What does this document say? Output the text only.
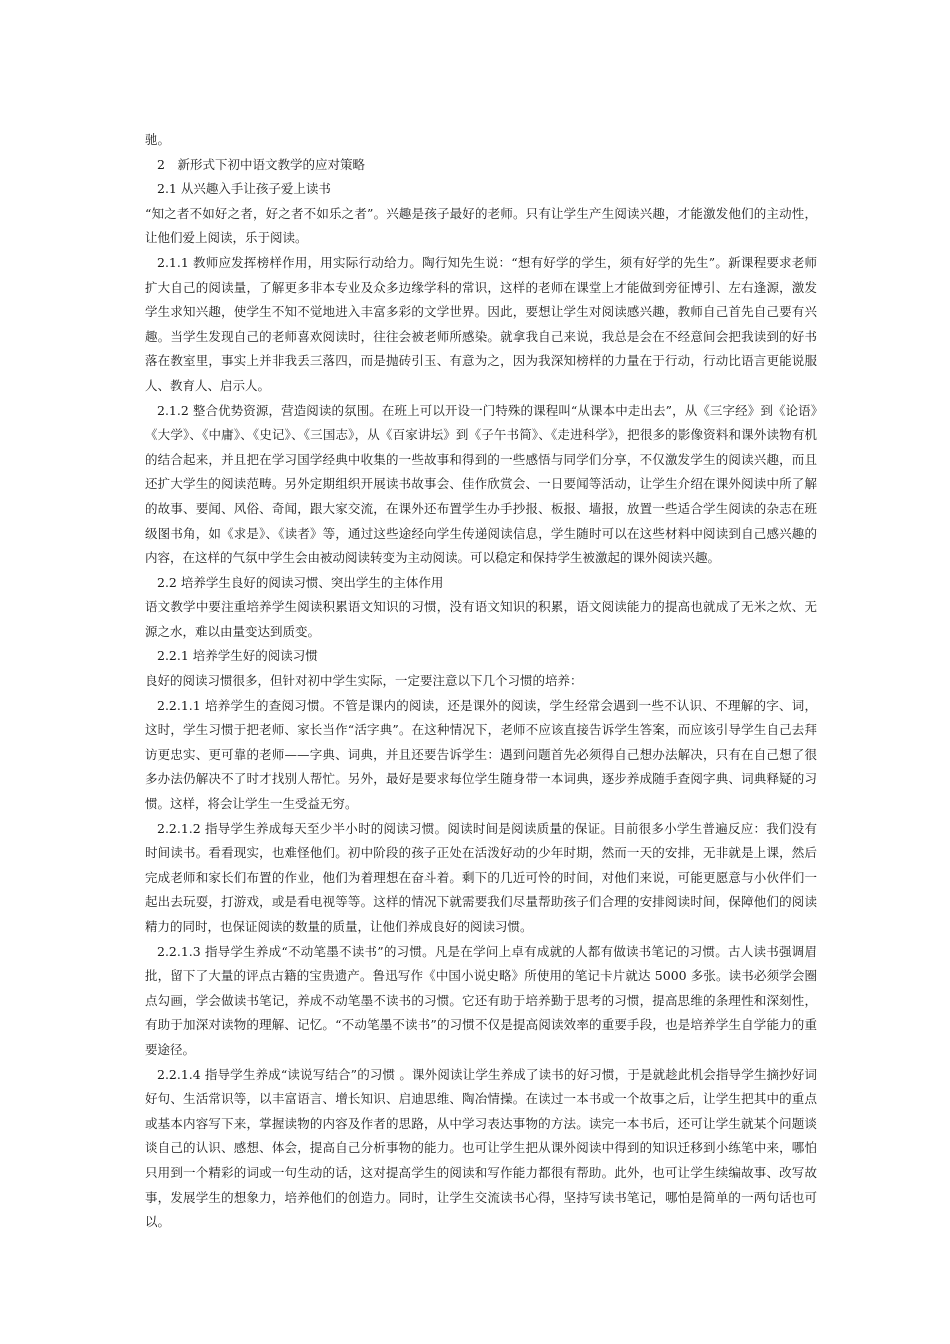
驰。

2　新形式下初中语文教学的应对策略

2.1 从兴趣入手让孩子爱上读书

“知之者不如好之者，好之者不如乐之者”。兴趣是孩子最好的老师。只有让学生产生阅读兴趣，才能激发他们的主动性，让他们爱上阅读，乐于阅读。

2.1.1 教师应发挥榜样作用，用实际行动给力。陶行知先生说：“想有好学的学生，须有好学的先生”。新课程要求老师扩大自己的阅读量，了解更多非本专业及众多边缘学科的常识，这样的老师在课堂上才能做到旁征博引、左右逢源，激发学生求知兴趣，使学生不知不觉地进入丰富多彩的文学世界。因此，要想让学生对阅读感兴趣，教师自己首先自己要有兴趣。当学生发现自己的老师喜欢阅读时，往往会被老师所感染。就拿我自己来说，我总是会在不经意间会把我读到的好书落在教室里，事实上并非我丢三落四，而是抛砖引玉、有意为之，因为我深知榜样的力量在于行动，行动比语言更能说服人、教育人、启示人。

2.1.2 整合优势资源，营造阅读的氛围。在班上可以开设一门特殊的课程叫“从课本中走出去”，从《三字经》到《论语》《大学》、《中庸》、《史记》、《三国志》，从《百家讲坛》到《子午书简》、《走进科学》，把很多的影像资料和课外读物有机的结合起来，并且把在学习国学经典中收集的一些故事和得到的一些感悟与同学们分享，不仅激发学生的阅读兴趣，而且还扩大学生的阅读范畴。另外定期组织开展读书故事会、佳作欣赏会、一日要闻等活动，让学生介绍在课外阅读中所了解的故事、要闻、风俗、奇闻，跟大家交流，在课外还布置学生办手抄报、板报、墙报，放置一些适合学生阅读的杂志在班级图书角，如《求是》、《读者》等，通过这些途经向学生传递阅读信息，学生随时可以在这些材料中阅读到自己感兴趣的内容，在这样的气氛中学生会由被动阅读转变为主动阅读。可以稳定和保持学生被激起的课外阅读兴趣。

2.2 培养学生良好的阅读习惯、突出学生的主体作用

语文教学中要注重培养学生阅读积累语文知识的习惯，没有语文知识的积累，语文阅读能力的提高也就成了无米之炊、无源之水，难以由量变达到质变。

2.2.1 培养学生好的阅读习惯

良好的阅读习惯很多，但针对初中学生实际，一定要注意以下几个习惯的培养：

2.2.1.1 培养学生的查阅习惯。不管是课内的阅读，还是课外的阅读，学生经常会遇到一些不认识、不理解的字、词，这时，学生习惯于把老师、家长当作“活字典”。在这种情况下，老师不应该直接告诉学生答案，而应该引导学生自己去拜访更忠实、更可靠的老师——字典、词典，并且还要告诉学生：遇到问题首先必须得自己想办法解决，只有在自己想了很多办法仍解决不了时才找别人帮忙。另外，最好是要求每位学生随身带一本词典，逐步养成随手查阅字典、词典释疑的习惯。这样，将会让学生一生受益无穷。

2.2.1.2 指导学生养成每天至少半小时的阅读习惯。阅读时间是阅读质量的保证。目前很多小学生普遍反应：我们没有时间读书。看看现实，也难怪他们。初中阶段的孩子正处在活泼好动的少年时期，然而一天的安排，无非就是上课，然后完成老师和家长们布置的作业，他们为着理想在奋斗着。剩下的几近可怜的时间，对他们来说，可能更愿意与小伙伴们一起出去玩耍，打游戏，或是看电视等等。这样的情况下就需要我们尽量帮助孩子们合理的安排阅读时间，保障他们的阅读精力的同时，也保证阅读的数量的质量，让他们养成良好的阅读习惯。

2.2.1.3 指导学生养成“不动笔墨不读书”的习惯。凡是在学问上卓有成就的人都有做读书笔记的习惯。古人读书强调眉批，留下了大量的评点古籍的宝贵遗产。鲁迅写作《中国小说史略》所使用的笔记卡片就达 5000 多张。读书必须学会圈点勾画，学会做读书笔记，养成不动笔墨不读书的习惯。它还有助于培养勤于思考的习惯，提高思维的条理性和深刻性，有助于加深对读物的理解、记忆。“不动笔墨不读书”的习惯不仅是提高阅读效率的重要手段，也是培养学生自学能力的重要途径。

2.2.1.4 指导学生养成“读说写结合”的习惯 。课外阅读让学生养成了读书的好习惯，于是就趁此机会指导学生摘抄好词好句、生活常识等，以丰富语言、增长知识、启迪思维、陶冶情操。在读过一本书或一个故事之后，让学生把其中的重点或基本内容写下来，掌握读物的内容及作者的思路，从中学习表达事物的方法。读完一本书后，还可让学生就某个问题谈谈自己的认识、感想、体会，提高自己分析事物的能力。也可让学生把从课外阅读中得到的知识迁移到小练笔中来，哪怕只用到一个精彩的词或一句生动的话，这对提高学生的阅读和写作能力都很有帮助。此外，也可让学生续编故事、改写故事，发展学生的想象力，培养他们的创造力。同时，让学生交流读书心得，坚持写读书笔记，哪怕是简单的一两句话也可以。
